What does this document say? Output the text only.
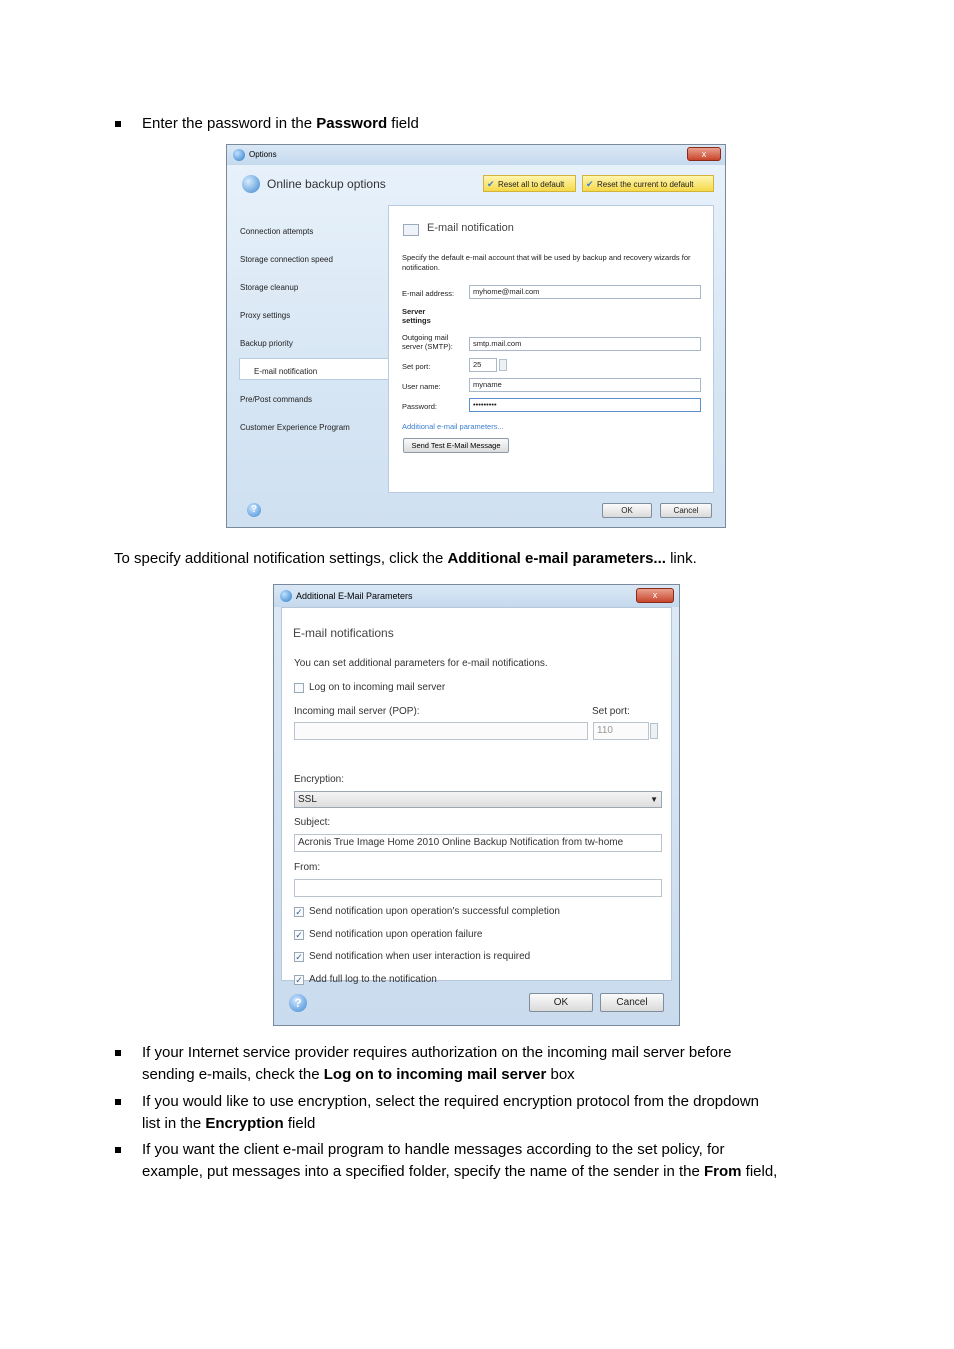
Enter the password in the Password field
Options	x
Online backup options	✔ Reset all to default	✔ Reset the current to default
Connection attempts
Storage connection speed
Storage cleanup
Proxy settings
Backup priority
E-mail notification
Pre/Post commands
Customer Experience Program
E-mail notification
Specify the default e-mail account that will be used by backup and recovery wizards for notification.
E-mail address:	myhome@mail.com
Server
settings
Outgoing mail
server (SMTP):	smtp.mail.com
Set port:	25
User name:	myname
Password:	•••••••••
Additional e-mail parameters...
Send Test E-Mail Message
?	OK	Cancel
To specify additional notification settings, click the Additional e-mail parameters... link.
Additional E-Mail Parameters	x
E-mail notifications
You can set additional parameters for e-mail notifications.
Log on to incoming mail server
Incoming mail server (POP):	Set port:
110
Encryption:
SSL	▼
Subject:
Acronis True Image Home 2010 Online Backup Notification from tw-home
From:
✓ Send notification upon operation's successful completion
✓ Send notification upon operation failure
✓ Send notification when user interaction is required
✓ Add full log to the notification
?	OK	Cancel
If your Internet service provider requires authorization on the incoming mail server before
sending e-mails, check the Log on to incoming mail server box
If you would like to use encryption, select the required encryption protocol from the dropdown
list in the Encryption field
If you want the client e-mail program to handle messages according to the set policy, for
example, put messages into a specified folder, specify the name of the sender in the From field,
